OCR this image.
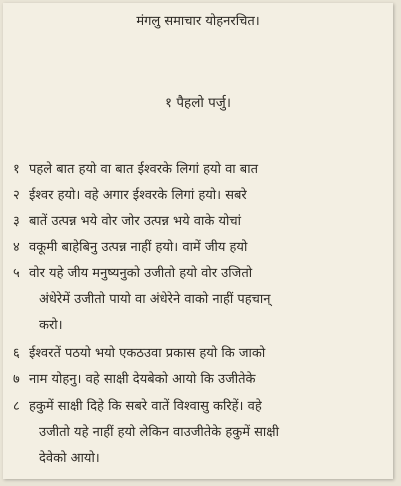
मंगलु समाचार योहनरचित।
१ पैहलो पर्जु।
१ पहले बात हयो वा बात ईश्वरके लिगां हयो वा बात
२ ईश्वर हयो। वहे अगार ईश्वरके लिगां हयो। सबरे
३ बातें उत्पन्न भये वोर जोर उत्पन्न भये वाके योचां
४ वकूमी बाहेबिनु उत्पन्न नाहीं हयो। वामें जीय हयो
५ वोर यहे जीय मनुष्यनुको उजीतो हयो वोर उजितो
अंधेरेमें उजीतो पायो वा अंधेरेने वाको नाहीं पहचान्
करो।
६ ईश्वरतें पठयो भयो एकठउवा प्रकास हयो कि जाको
७ नाम योहनु। वहे साक्षी देयबेको आयो कि उजीतेके
८ हकुमें साक्षी दिहे कि सबरे वातें विश्वासु करिहें। वहे
उजीतो यहे नाहीं हयो लेकिन वाउजीतेके हकुमें साक्षी
देवेको आयो।
